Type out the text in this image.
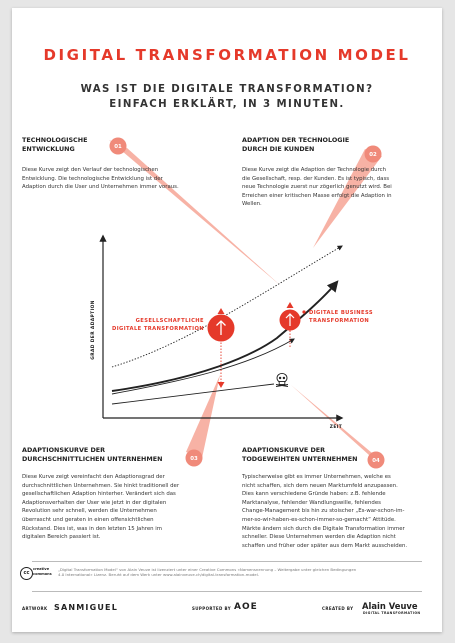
01
02
03	04
GRAD DER ADAPTION
ZEIT
GESELLSCHAFTLICHE
DIGITALE TRANSFORMATION
DIGITALE BUSINESS
TRANSFORMATION
DIGITAL TRANSFORMATION MODEL
WAS IST DIE DIGITALE TRANSFORMATION?
EINFACH ERKLÄRT, IN 3 MINUTEN.
TECHNOLOGISCHE
ENTWICKLUNG
Diese Kurve zeigt den Verlauf der technologischen
Entwicklung. Die technologische Entwicklung ist der
Adaption durch die User und Unternehmen immer voraus.
ADAPTION DER TECHNOLOGIE
DURCH DIE KUNDEN
Diese Kurve zeigt die Adaption der Technologie durch
die Gesellschaft, resp. der Kunden. Es ist typisch, dass
neue Technologie zuerst nur zögerlich genutzt wird. Bei
Erreichen einer kritischen Masse erfolgt die Adaption in
Wellen.
ADAPTIONSKURVE DER
DURCHSCHNITTLICHEN UNTERNEHMEN
Diese Kurve zeigt vereinfacht den Adaptionsgrad der
durchschnittlichen Unternehmen. Sie hinkt traditionell der
gesellschaftlichen Adaption hinterher. Verändert sich das
Adaptionsverhalten der User wie jetzt in der digitalen
Revolution sehr schnell, werden die Unternehmen
überrascht und geraten in einen offensichtlichen
Rückstand. Dies ist, was in den letzten 15 Jahren im
digitalen Bereich passiert ist.
ADAPTIONSKURVE DER
TODGEWEIHTEN UNTERNEHMEN
Typischerweise gibt es immer Unternehmen, welche es
nicht schaffen, sich dem neuen Marktumfeld anzupassen.
Dies kann verschiedene Gründe haben: z.B. fehlende
Marktanalyse, fehlender Wandlungswille, fehlendes
Change-Management bis hin zu stoischer „Es-war-schon-im-
mer-so-wir-haben-es-schon-immer-so-gemacht“ Attitüde.
Märkte ändern sich durch die Digitale Transformation immer
schneller. Diese Unternehmen werden die Adaption nicht
schaffen und früher oder später aus dem Markt ausscheiden.
cc
creative
commons
„Digital Transformation Model“ von Alain Veuve ist lizenziert unter einer Creative Commons «Namensnennung – Weitergabe unter gleichen Bedingungen
4.0 International» Lizenz. Beruht auf dem Werk unter www.alainveuve.ch/digital-transformation-model.
ARTWORK SANMIGUEL	SUPPORTED BY AOE	CREATED BY Alain Veuve
DIGITAL TRANSFORMATION
